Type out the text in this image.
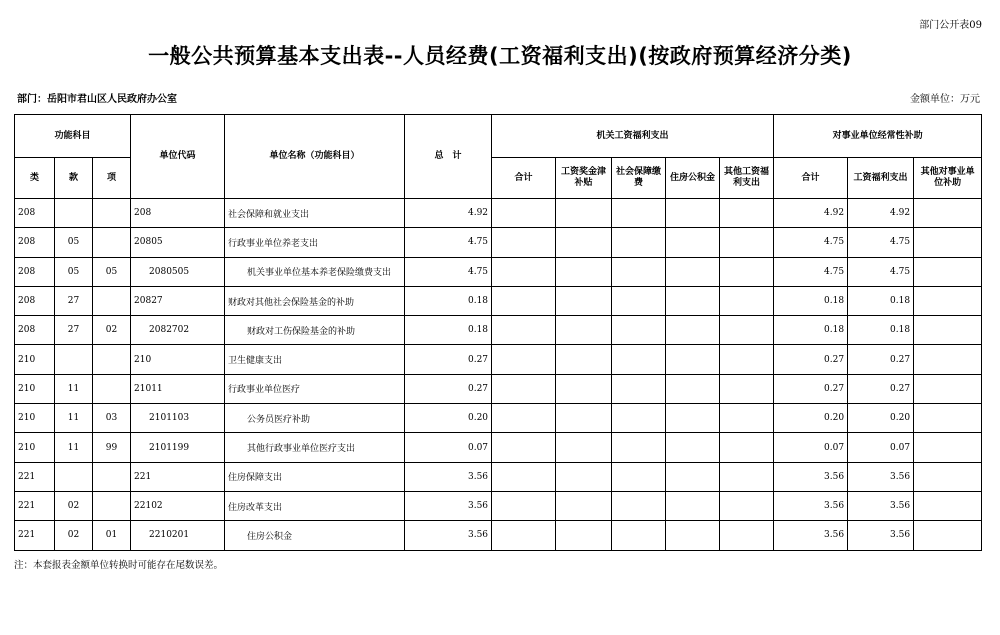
部门公开表09
一般公共预算基本支出表--人员经费(工资福利支出)(按政府预算经济分类)
部门：岳阳市君山区人民政府办公室	金额单位：万元
功能科目			单位代码	单位名称（功能科目）	总　计	机关工资福利支出					对事业单位经常性补助		
类	款	项				合计	工资奖金津补贴	社会保障缴费	住房公积金	其他工资福利支出	合计	工资福利支出	其他对事业单位补助
208			208	社会保障和就业支出	4.92						4.92	4.92	
208	05		20805	行政事业单位养老支出	4.75						4.75	4.75	
208	05	05	2080505	机关事业单位基本养老保险缴费支出	4.75						4.75	4.75	
208	27		20827	财政对其他社会保险基金的补助	0.18						0.18	0.18	
208	27	02	2082702	财政对工伤保险基金的补助	0.18						0.18	0.18	
210			210	卫生健康支出	0.27						0.27	0.27	
210	11		21011	行政事业单位医疗	0.27						0.27	0.27	
210	11	03	2101103	公务员医疗补助	0.20						0.20	0.20	
210	11	99	2101199	其他行政事业单位医疗支出	0.07						0.07	0.07	
221			221	住房保障支出	3.56						3.56	3.56	
221	02		22102	住房改革支出	3.56						3.56	3.56	
221	02	01	2210201	住房公积金	3.56						3.56	3.56	
注：本套报表金额单位转换时可能存在尾数误差。
